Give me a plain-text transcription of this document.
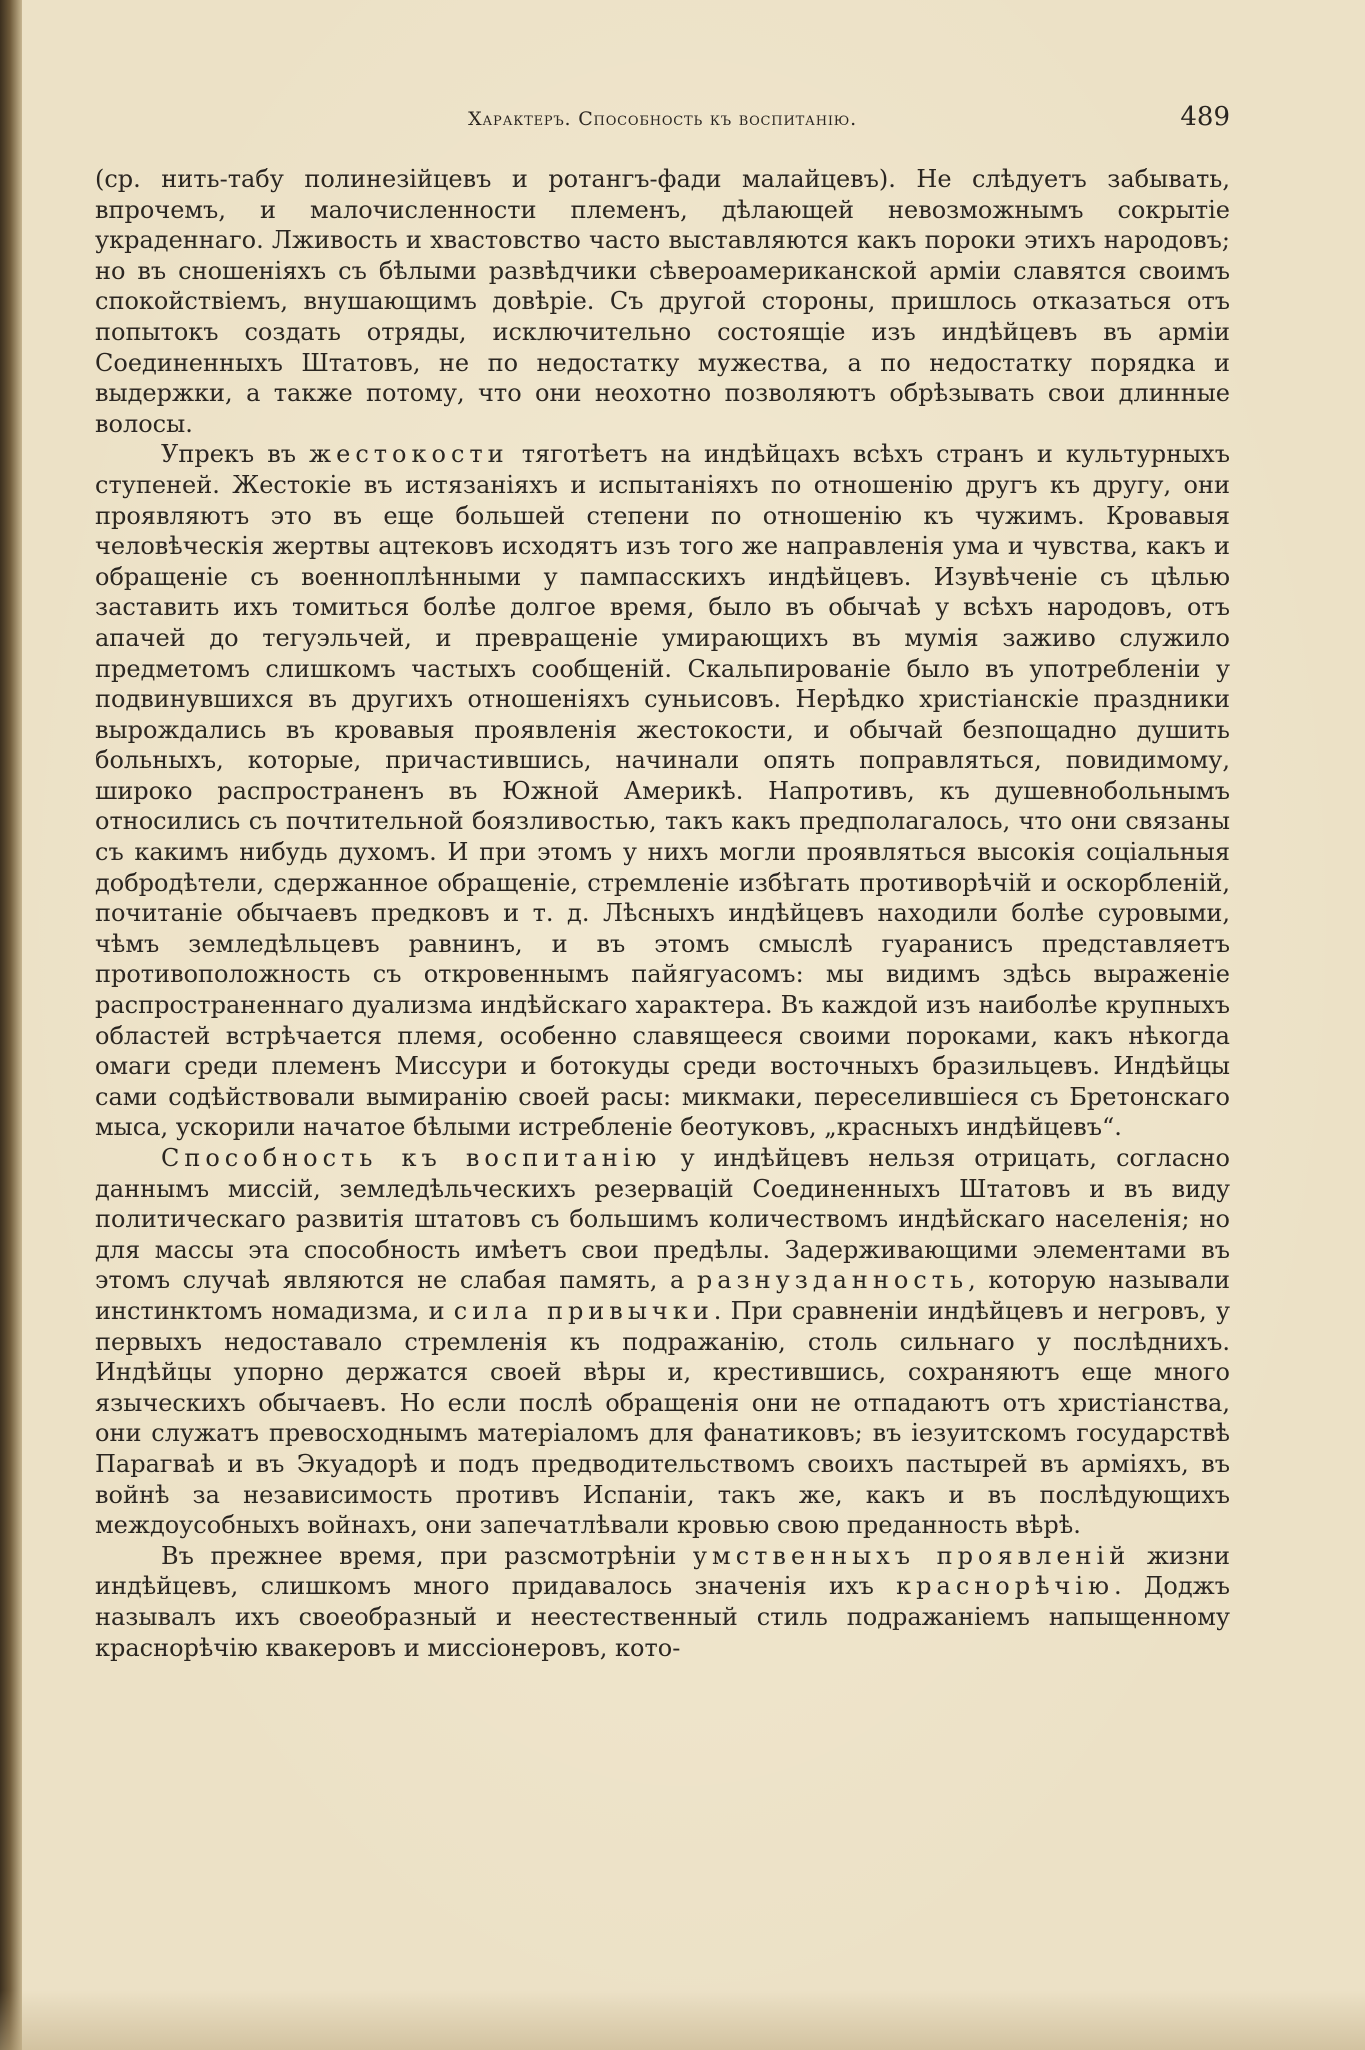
Характеръ. Способность къ воспитанію.	489

(ср. нить-табу полинезійцевъ и ротангъ-фади малайцевъ). Не слѣдуетъ забывать, впрочемъ, и малочисленности племенъ, дѣлающей невозможнымъ сокрытіе украденнаго. Лживость и хвастовство часто выставляются какъ пороки этихъ народовъ; но въ сношеніяхъ съ бѣлыми развѣдчики сѣвероамериканской арміи славятся своимъ спокойствіемъ, внушающимъ довѣріе. Съ другой стороны, пришлось отказаться отъ попытокъ создать отряды, исключительно состоящіе изъ индѣйцевъ въ арміи Соединенныхъ Штатовъ, не по недостатку мужества, а по недостатку порядка и выдержки, а также потому, что они неохотно позволяютъ обрѣзывать свои длинные волосы.

Упрекъ въ жестокости тяготѣетъ на индѣйцахъ всѣхъ странъ и культурныхъ ступеней. Жестокіе въ истязаніяхъ и испытаніяхъ по отношенію другъ къ другу, они проявляютъ это въ еще большей степени по отношенію къ чужимъ. Кровавыя человѣческія жертвы ацтековъ исходятъ изъ того же направленія ума и чувства, какъ и обращеніе съ военноплѣнными у пампасскихъ индѣйцевъ. Изувѣченіе съ цѣлью заставить ихъ томиться болѣе долгое время, было въ обычаѣ у всѣхъ народовъ, отъ апачей до тегуэльчей, и превращеніе умирающихъ въ мумія заживо служило предметомъ слишкомъ частыхъ сообщеній. Скальпированіе было въ употребленіи у подвинувшихся въ другихъ отношеніяхъ суньисовъ. Нерѣдко христіанскіе праздники вырождались въ кровавыя проявленія жестокости, и обычай безпощадно душить больныхъ, которые, причастившись, начинали опять поправляться, повидимому, широко распространенъ въ Южной Америкѣ. Напротивъ, къ душевнобольнымъ относились съ почтительной боязливостью, такъ какъ предполагалось, что они связаны съ какимъ нибудь духомъ. И при этомъ у нихъ могли проявляться высокія соціальныя добродѣтели, сдержанное обращеніе, стремленіе избѣгать противорѣчій и оскорбленій, почитаніе обычаевъ предковъ и т. д. Лѣсныхъ индѣйцевъ находили болѣе суровыми, чѣмъ земледѣльцевъ равнинъ, и въ этомъ смыслѣ гуаранисъ представляетъ противоположность съ откровеннымъ пайягуасомъ: мы видимъ здѣсь выраженіе распространеннаго дуализма индѣйскаго характера. Въ каждой изъ наиболѣе крупныхъ областей встрѣчается племя, особенно славящееся своими пороками, какъ нѣкогда омаги среди племенъ Миссури и ботокуды среди восточныхъ бразильцевъ. Индѣйцы сами содѣйствовали вымиранію своей расы: микмаки, переселившіеся съ Бретонскаго мыса, ускорили начатое бѣлыми истребленіе беотуковъ, „красныхъ индѣйцевъ“.

Способность къ воспитанію у индѣйцевъ нельзя отрицать, согласно даннымъ миссій, земледѣльческихъ резервацій Соединенныхъ Штатовъ и въ виду политическаго развитія штатовъ съ большимъ количествомъ индѣйскаго населенія; но для массы эта способность имѣетъ свои предѣлы. Задерживающими элементами въ этомъ случаѣ являются не слабая память, а разнузданность, которую называли инстинктомъ номадизма, и сила привычки. При сравненіи индѣйцевъ и негровъ, у первыхъ недоставало стремленія къ подражанію, столь сильнаго у послѣднихъ. Индѣйцы упорно держатся своей вѣры и, крестившись, сохраняютъ еще много языческихъ обычаевъ. Но если послѣ обращенія они не отпадаютъ отъ христіанства, они служатъ превосходнымъ матеріаломъ для фанатиковъ; въ іезуитскомъ государствѣ Парагваѣ и въ Экуадорѣ и подъ предводительствомъ своихъ пастырей въ арміяхъ, въ войнѣ за независимость противъ Испаніи, такъ же, какъ и въ послѣдующихъ междоусобныхъ войнахъ, они запечатлѣвали кровью свою преданность вѣрѣ.

Въ прежнее время, при разсмотрѣніи умственныхъ проявленій жизни индѣйцевъ, слишкомъ много придавалось значенія ихъ краснорѣчію. Доджъ называлъ ихъ своеобразный и неестественный стиль подражаніемъ напыщенному краснорѣчію квакеровъ и миссіонеровъ, кото-
